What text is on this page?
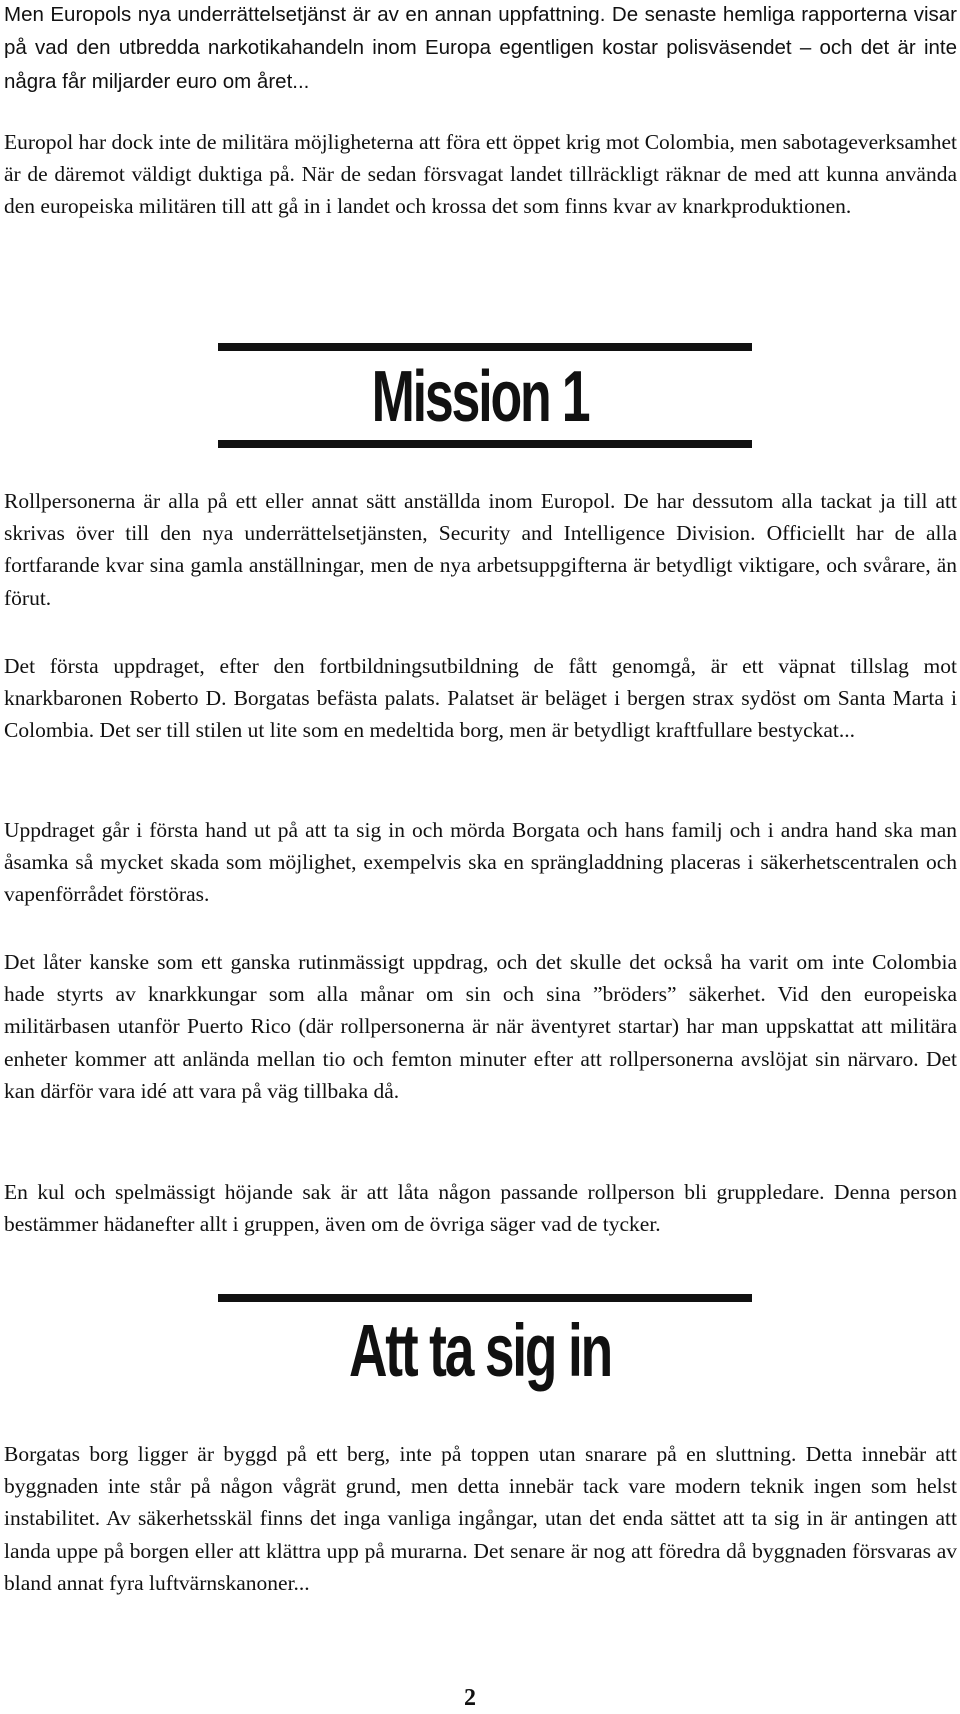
Men Europols nya underrättelsetjänst är av en annan uppfattning. De senaste hemliga rapporterna visar på vad den utbredda narkotikahandeln inom Europa egentligen kostar polisväsendet – och det är inte några får miljarder euro om året...

Europol har dock inte de militära möjligheterna att föra ett öppet krig mot Colombia, men sabotageverksamhet är de däremot väldigt duktiga på. När de sedan försvagat landet tillräckligt räknar de med att kunna använda den europeiska militären till att gå in i landet och krossa det som finns kvar av knarkproduktionen.

Mission 1

Rollpersonerna är alla på ett eller annat sätt anställda inom Europol. De har dessutom alla tackat ja till att skrivas över till den nya underrättelsetjänsten, Security and Intelligence Division. Officiellt har de alla fortfarande kvar sina gamla anställningar, men de nya arbetsuppgifterna är betydligt viktigare, och svårare, än förut.

Det första uppdraget, efter den fortbildningsutbildning de fått genomgå, är ett väpnat tillslag mot knarkbaronen Roberto D. Borgatas befästa palats. Palatset är beläget i bergen strax sydöst om Santa Marta i Colombia. Det ser till stilen ut lite som en medeltida borg, men är betydligt kraftfullare bestyckat...

Uppdraget går i första hand ut på att ta sig in och mörda Borgata och hans familj och i andra hand ska man åsamka så mycket skada som möjlighet, exempelvis ska en sprängladdning placeras i säkerhetscentralen och vapenförrådet förstöras.

Det låter kanske som ett ganska rutinmässigt uppdrag, och det skulle det också ha varit om inte Colombia hade styrts av knarkkungar som alla månar om sin och sina ”bröders” säkerhet. Vid den europeiska militärbasen utanför Puerto Rico (där rollpersonerna är när äventyret startar) har man uppskattat att militära enheter kommer att anlända mellan tio och femton minuter efter att rollpersonerna avslöjat sin närvaro. Det kan därför vara idé att vara på väg tillbaka då.

En kul och spelmässigt höjande sak är att låta någon passande rollperson bli gruppledare. Denna person bestämmer hädanefter allt i gruppen, även om de övriga säger vad de tycker.

Att ta sig in

Borgatas borg ligger är byggd på ett berg, inte på toppen utan snarare på en sluttning. Detta innebär att byggnaden inte står på någon vågrät grund, men detta innebär tack vare modern teknik ingen som helst instabilitet. Av säkerhetsskäl finns det inga vanliga ingångar, utan det enda sättet att ta sig in är antingen att landa uppe på borgen eller att klättra upp på murarna. Det senare är nog att föredra då byggnaden försvaras av bland annat fyra luftvärnskanoner...

2
